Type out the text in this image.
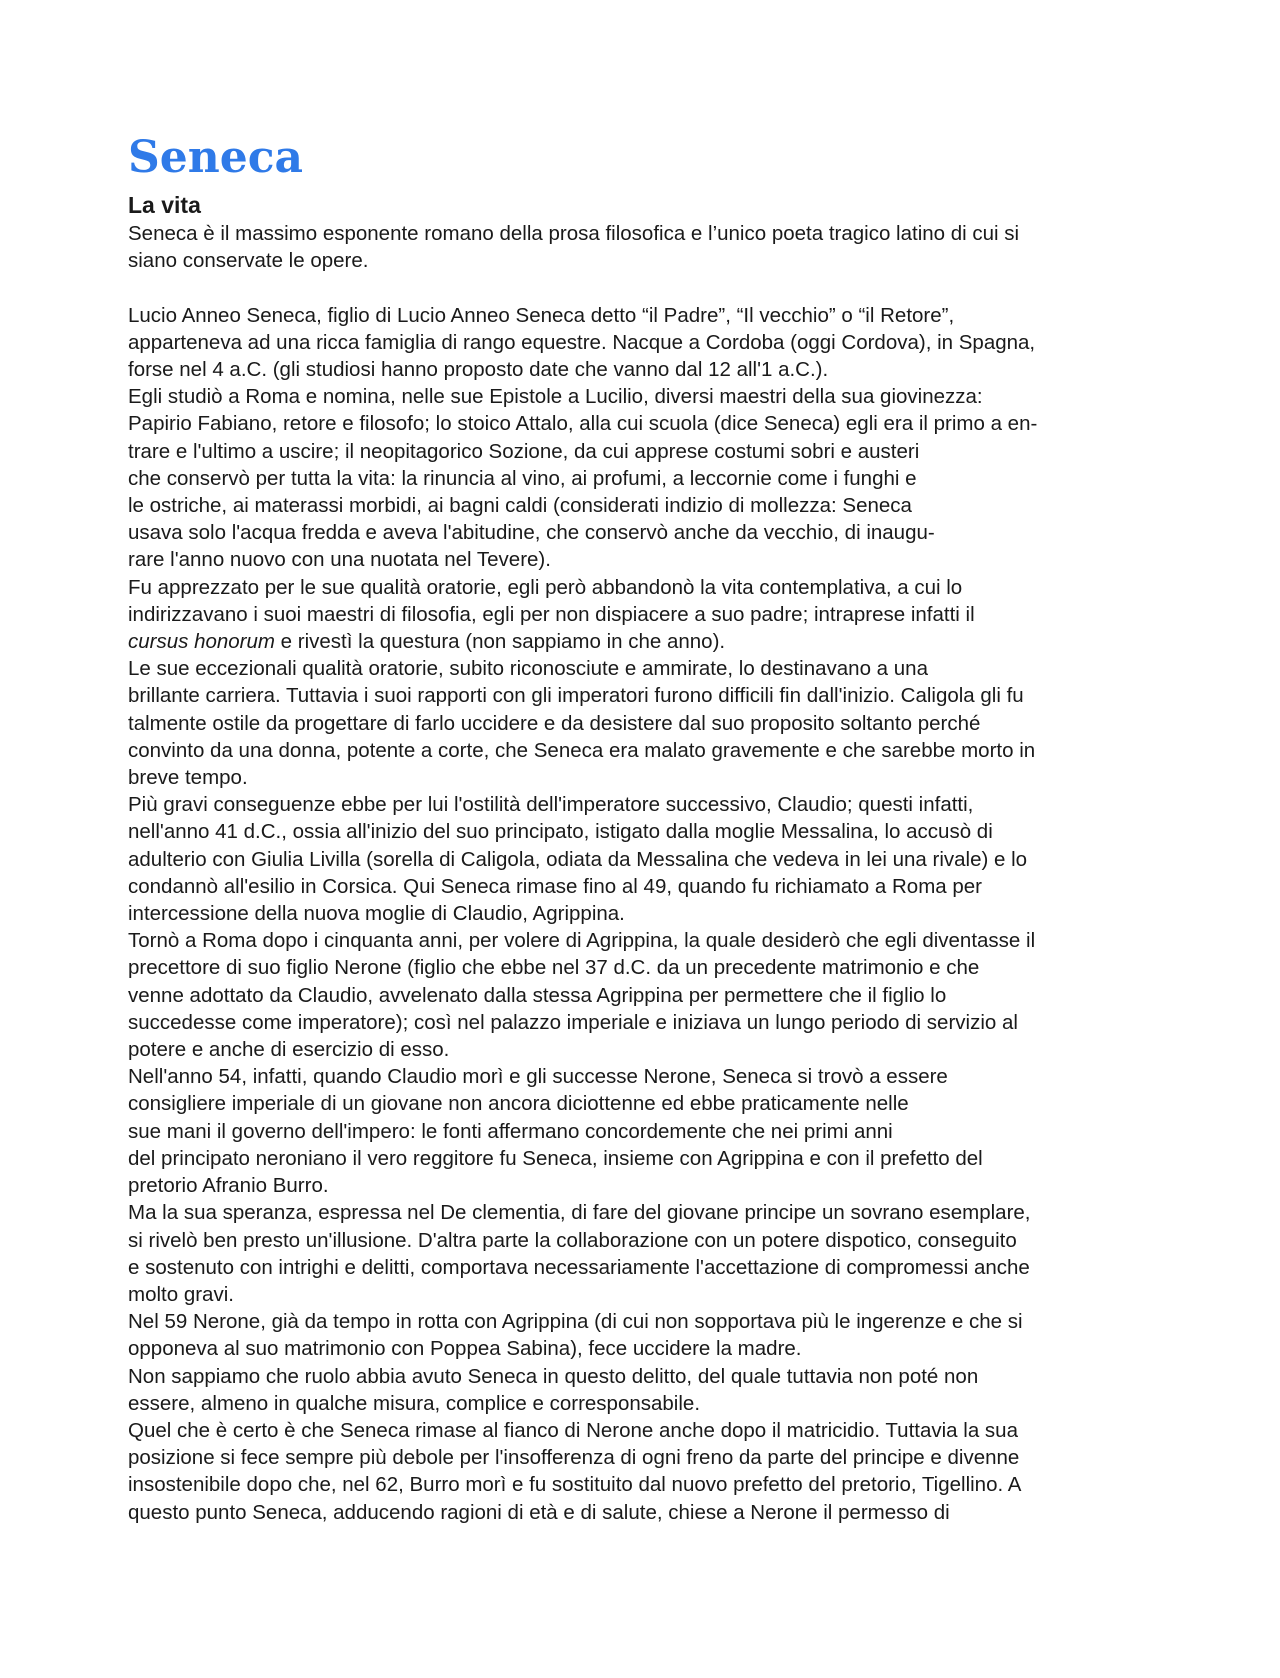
Seneca
La vita
Seneca è il massimo esponente romano della prosa filosofica e l’unico poeta tragico latino di cui si
siano conservate le opere.
Lucio Anneo Seneca, figlio di Lucio Anneo Seneca detto “il Padre”, “Il vecchio” o “il Retore”,
apparteneva ad una ricca famiglia di rango equestre. Nacque a Cordoba (oggi Cordova), in Spagna,
forse nel 4 a.C. (gli studiosi hanno proposto date che vanno dal 12 all'1 a.C.).
Egli studiò a Roma e nomina, nelle sue Epistole a Lucilio, diversi maestri della sua giovinezza:
Papirio Fabiano, retore e filosofo; lo stoico Attalo, alla cui scuola (dice Seneca) egli era il primo a en-
trare e l'ultimo a uscire; il neopitagorico Sozione, da cui apprese costumi sobri e austeri
che conservò per tutta la vita: la rinuncia al vino, ai profumi, a leccornie come i funghi e
le ostriche, ai materassi morbidi, ai bagni caldi (considerati indizio di mollezza: Seneca
usava solo l'acqua fredda e aveva l'abitudine, che conservò anche da vecchio, di inaugu-
rare l'anno nuovo con una nuotata nel Tevere).
Fu apprezzato per le sue qualità oratorie, egli però abbandonò la vita contemplativa, a cui lo
indirizzavano i suoi maestri di filosofia, egli per non dispiacere a suo padre; intraprese infatti il
cursus honorum e rivestì la questura (non sappiamo in che anno).
Le sue eccezionali qualità oratorie, subito riconosciute e ammirate, lo destinavano a una
brillante carriera. Tuttavia i suoi rapporti con gli imperatori furono difficili fin dall'inizio. Caligola gli fu
talmente ostile da progettare di farlo uccidere e da desistere dal suo proposito soltanto perché
convinto da una donna, potente a corte, che Seneca era malato gravemente e che sarebbe morto in
breve tempo.
Più gravi conseguenze ebbe per lui l'ostilità dell'imperatore successivo, Claudio; questi infatti,
nell'anno 41 d.C., ossia all'inizio del suo principato, istigato dalla moglie Messalina, lo accusò di
adulterio con Giulia Livilla (sorella di Caligola, odiata da Messalina che vedeva in lei una rivale) e lo
condannò all'esilio in Corsica. Qui Seneca rimase fino al 49, quando fu richiamato a Roma per
intercessione della nuova moglie di Claudio, Agrippina.
Tornò a Roma dopo i cinquanta anni, per volere di Agrippina, la quale desiderò che egli diventasse il
precettore di suo figlio Nerone (figlio che ebbe nel 37 d.C. da un precedente matrimonio e che
venne adottato da Claudio, avvelenato dalla stessa Agrippina per permettere che il figlio lo
succedesse come imperatore); così nel palazzo imperiale e iniziava un lungo periodo di servizio al
potere e anche di esercizio di esso.
Nell'anno 54, infatti, quando Claudio morì e gli successe Nerone, Seneca si trovò a essere
consigliere imperiale di un giovane non ancora diciottenne ed ebbe praticamente nelle
sue mani il governo dell'impero: le fonti affermano concordemente che nei primi anni
del principato neroniano il vero reggitore fu Seneca, insieme con Agrippina e con il prefetto del
pretorio Afranio Burro.
Ma la sua speranza, espressa nel De clementia, di fare del giovane principe un sovrano esemplare,
si rivelò ben presto un'illusione. D'altra parte la collaborazione con un potere dispotico, conseguito
e sostenuto con intrighi e delitti, comportava necessariamente l'accettazione di compromessi anche
molto gravi.
Nel 59 Nerone, già da tempo in rotta con Agrippina (di cui non sopportava più le ingerenze e che si
opponeva al suo matrimonio con Poppea Sabina), fece uccidere la madre.
Non sappiamo che ruolo abbia avuto Seneca in questo delitto, del quale tuttavia non poté non
essere, almeno in qualche misura, complice e corresponsabile.
Quel che è certo è che Seneca rimase al fianco di Nerone anche dopo il matricidio. Tuttavia la sua
posizione si fece sempre più debole per l'insofferenza di ogni freno da parte del principe e divenne
insostenibile dopo che, nel 62, Burro morì e fu sostituito dal nuovo prefetto del pretorio, Tigellino. A
questo punto Seneca, adducendo ragioni di età e di salute, chiese a Nerone il permesso di
